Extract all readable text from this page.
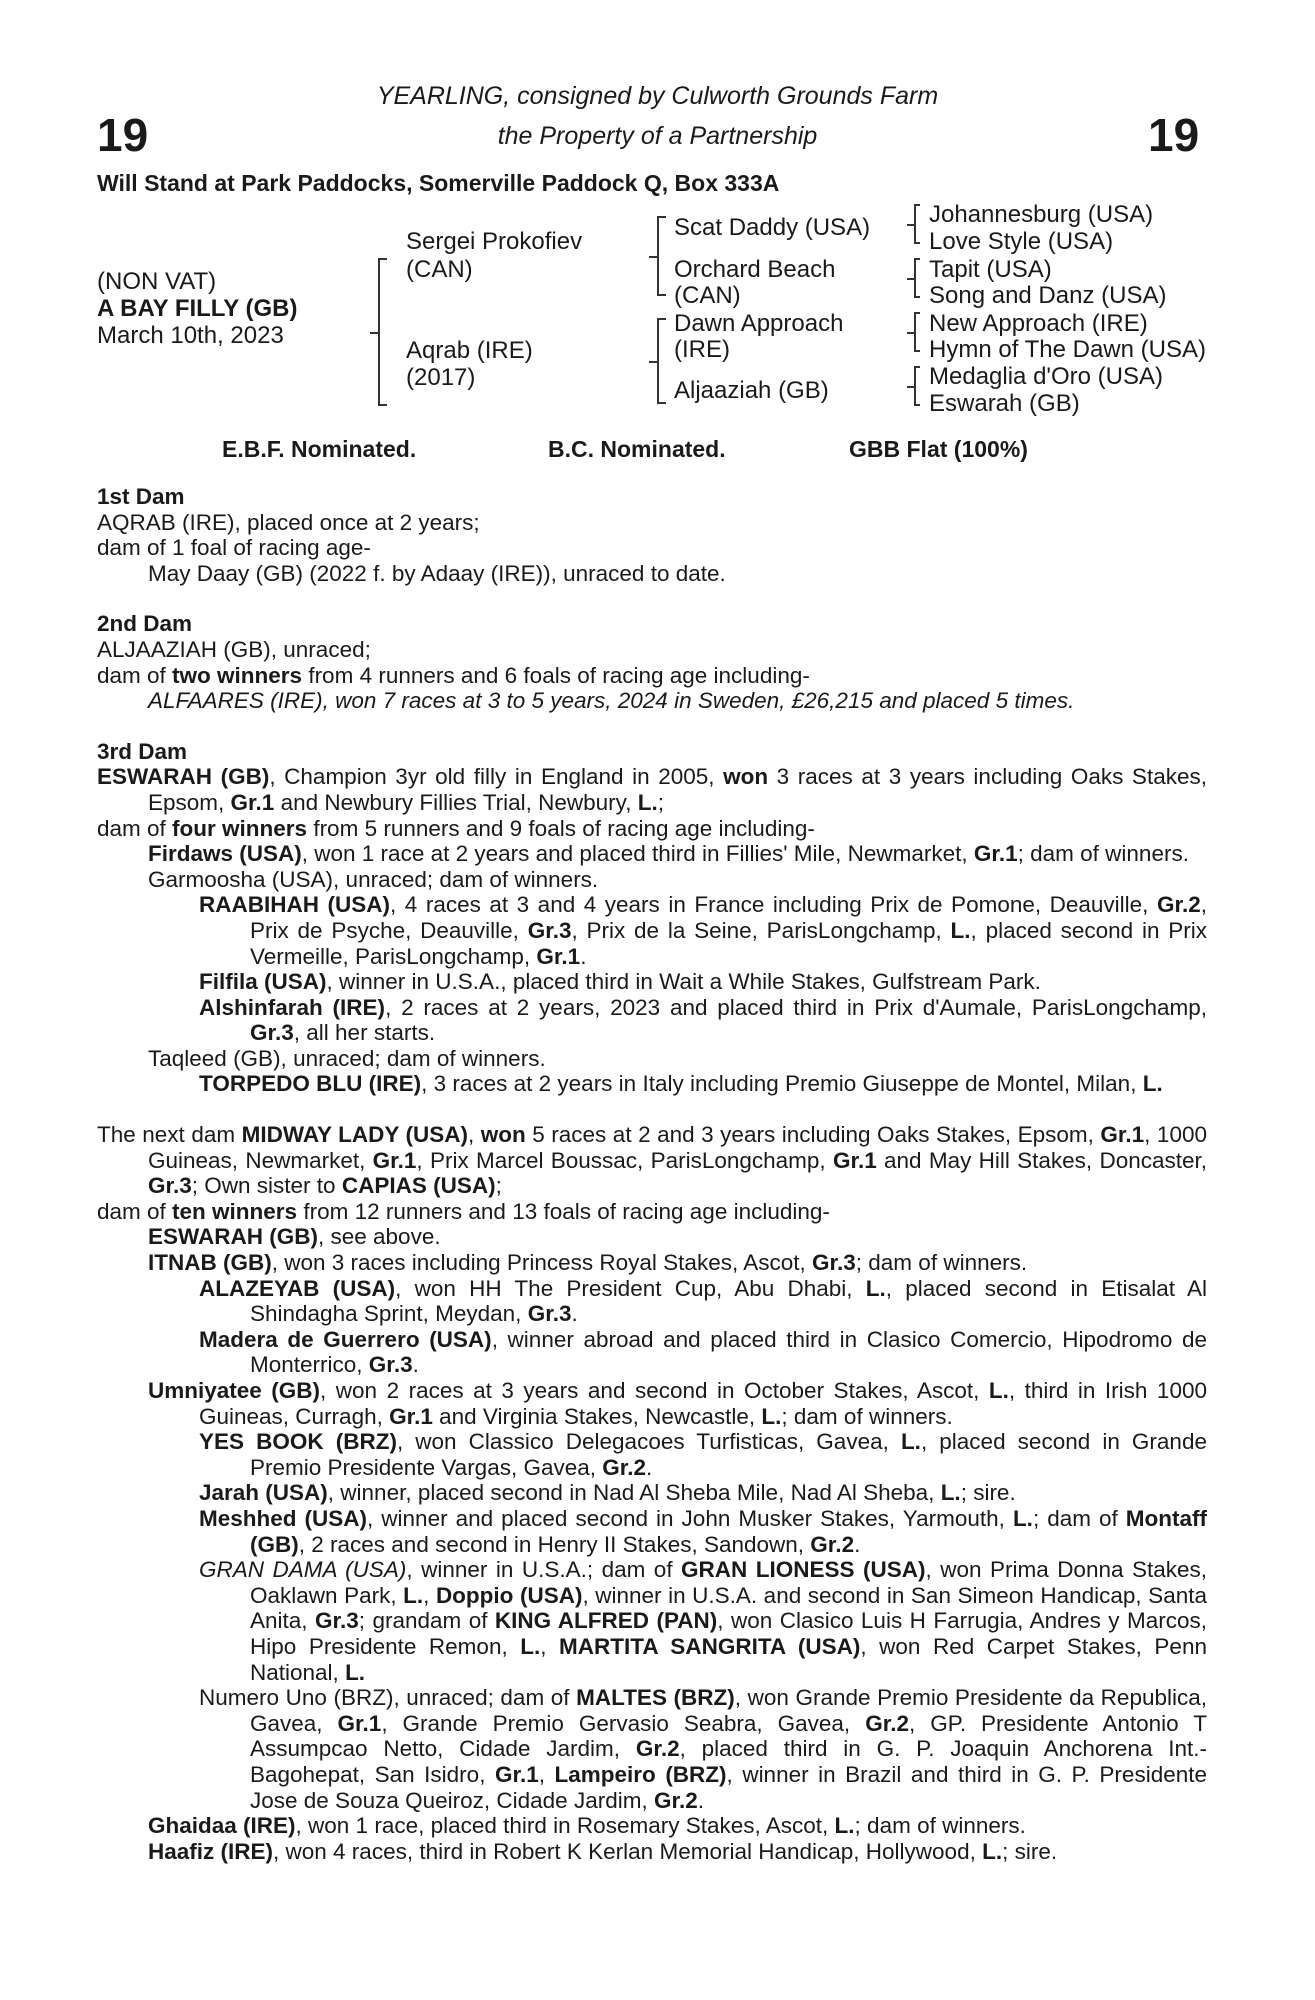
19	19
YEARLING, consigned by Culworth Grounds Farm
the Property of a Partnership
Will Stand at Park Paddocks, Somerville Paddock Q, Box 333A
(NON VAT)
A BAY FILLY (GB)
March 10th, 2023
Sergei Prokofiev
(CAN)
Aqrab (IRE)
(2017)
Scat Daddy (USA)
Orchard Beach
(CAN)
Dawn Approach
(IRE)
Aljaaziah (GB)
Johannesburg (USA)
Love Style (USA)
Tapit (USA)
Song and Danz (USA)
New Approach (IRE)
Hymn of The Dawn (USA)
Medaglia d'Oro (USA)
Eswarah (GB)
E.B.F. Nominated.	B.C. Nominated.	GBB Flat (100%)

1st Dam

AQRAB (IRE), placed once at 2 years;

dam of 1 foal of racing age-

May Daay (GB) (2022 f. by Adaay (IRE)), unraced to date.

2nd Dam

ALJAAZIAH (GB), unraced;

dam of two winners from 4 runners and 6 foals of racing age including-

ALFAARES (IRE), won 7 races at 3 to 5 years, 2024 in Sweden, £26,215 and placed 5 times.

3rd Dam

ESWARAH (GB), Champion 3yr old filly in England in 2005, won 3 races at 3 years including Oaks Stakes, Epsom, Gr.1 and Newbury Fillies Trial, Newbury, L.;

dam of four winners from 5 runners and 9 foals of racing age including-

Firdaws (USA), won 1 race at 2 years and placed third in Fillies' Mile, Newmarket, Gr.1; dam of winners.

Garmoosha (USA), unraced; dam of winners.

RAABIHAH (USA), 4 races at 3 and 4 years in France including Prix de Pomone, Deauville, Gr.2, Prix de Psyche, Deauville, Gr.3, Prix de la Seine, ParisLongchamp, L., placed second in Prix Vermeille, ParisLongchamp, Gr.1.

Filfila (USA), winner in U.S.A., placed third in Wait a While Stakes, Gulfstream Park.

Alshinfarah (IRE), 2 races at 2 years, 2023 and placed third in Prix d'Aumale, ParisLongchamp, Gr.3, all her starts.

Taqleed (GB), unraced; dam of winners.

TORPEDO BLU (IRE), 3 races at 2 years in Italy including Premio Giuseppe de Montel, Milan, L.

The next dam MIDWAY LADY (USA), won 5 races at 2 and 3 years including Oaks Stakes, Epsom, Gr.1, 1000 Guineas, Newmarket, Gr.1, Prix Marcel Boussac, ParisLongchamp, Gr.1 and May Hill Stakes, Doncaster, Gr.3; Own sister to CAPIAS (USA);

dam of ten winners from 12 runners and 13 foals of racing age including-

ESWARAH (GB), see above.

ITNAB (GB), won 3 races including Princess Royal Stakes, Ascot, Gr.3; dam of winners.

ALAZEYAB (USA), won HH The President Cup, Abu Dhabi, L., placed second in Etisalat Al Shindagha Sprint, Meydan, Gr.3.

Madera de Guerrero (USA), winner abroad and placed third in Clasico Comercio, Hipodromo de Monterrico, Gr.3.

Umniyatee (GB), won 2 races at 3 years and second in October Stakes, Ascot, L., third in Irish 1000 Guineas, Curragh, Gr.1 and Virginia Stakes, Newcastle, L.; dam of winners.

YES BOOK (BRZ), won Classico Delegacoes Turfisticas, Gavea, L., placed second in Grande Premio Presidente Vargas, Gavea, Gr.2.

Jarah (USA), winner, placed second in Nad Al Sheba Mile, Nad Al Sheba, L.; sire.

Meshhed (USA), winner and placed second in John Musker Stakes, Yarmouth, L.; dam of Montaff (GB), 2 races and second in Henry II Stakes, Sandown, Gr.2.

GRAN DAMA (USA), winner in U.S.A.; dam of GRAN LIONESS (USA), won Prima Donna Stakes, Oaklawn Park, L., Doppio (USA), winner in U.S.A. and second in San Simeon Handicap, Santa Anita, Gr.3; grandam of KING ALFRED (PAN), won Clasico Luis H Farrugia, Andres y Marcos, Hipo Presidente Remon, L., MARTITA SANGRITA (USA), won Red Carpet Stakes, Penn National, L.

Numero Uno (BRZ), unraced; dam of MALTES (BRZ), won Grande Premio Presidente da Republica, Gavea, Gr.1, Grande Premio Gervasio Seabra, Gavea, Gr.2, GP. Presidente Antonio T Assumpcao Netto, Cidade Jardim, Gr.2, placed third in G. P. Joaquin Anchorena Int.-Bagohepat, San Isidro, Gr.1, Lampeiro (BRZ), winner in Brazil and third in G. P. Presidente Jose de Souza Queiroz, Cidade Jardim, Gr.2.

Ghaidaa (IRE), won 1 race, placed third in Rosemary Stakes, Ascot, L.; dam of winners.

Haafiz (IRE), won 4 races, third in Robert K Kerlan Memorial Handicap, Hollywood, L.; sire.
